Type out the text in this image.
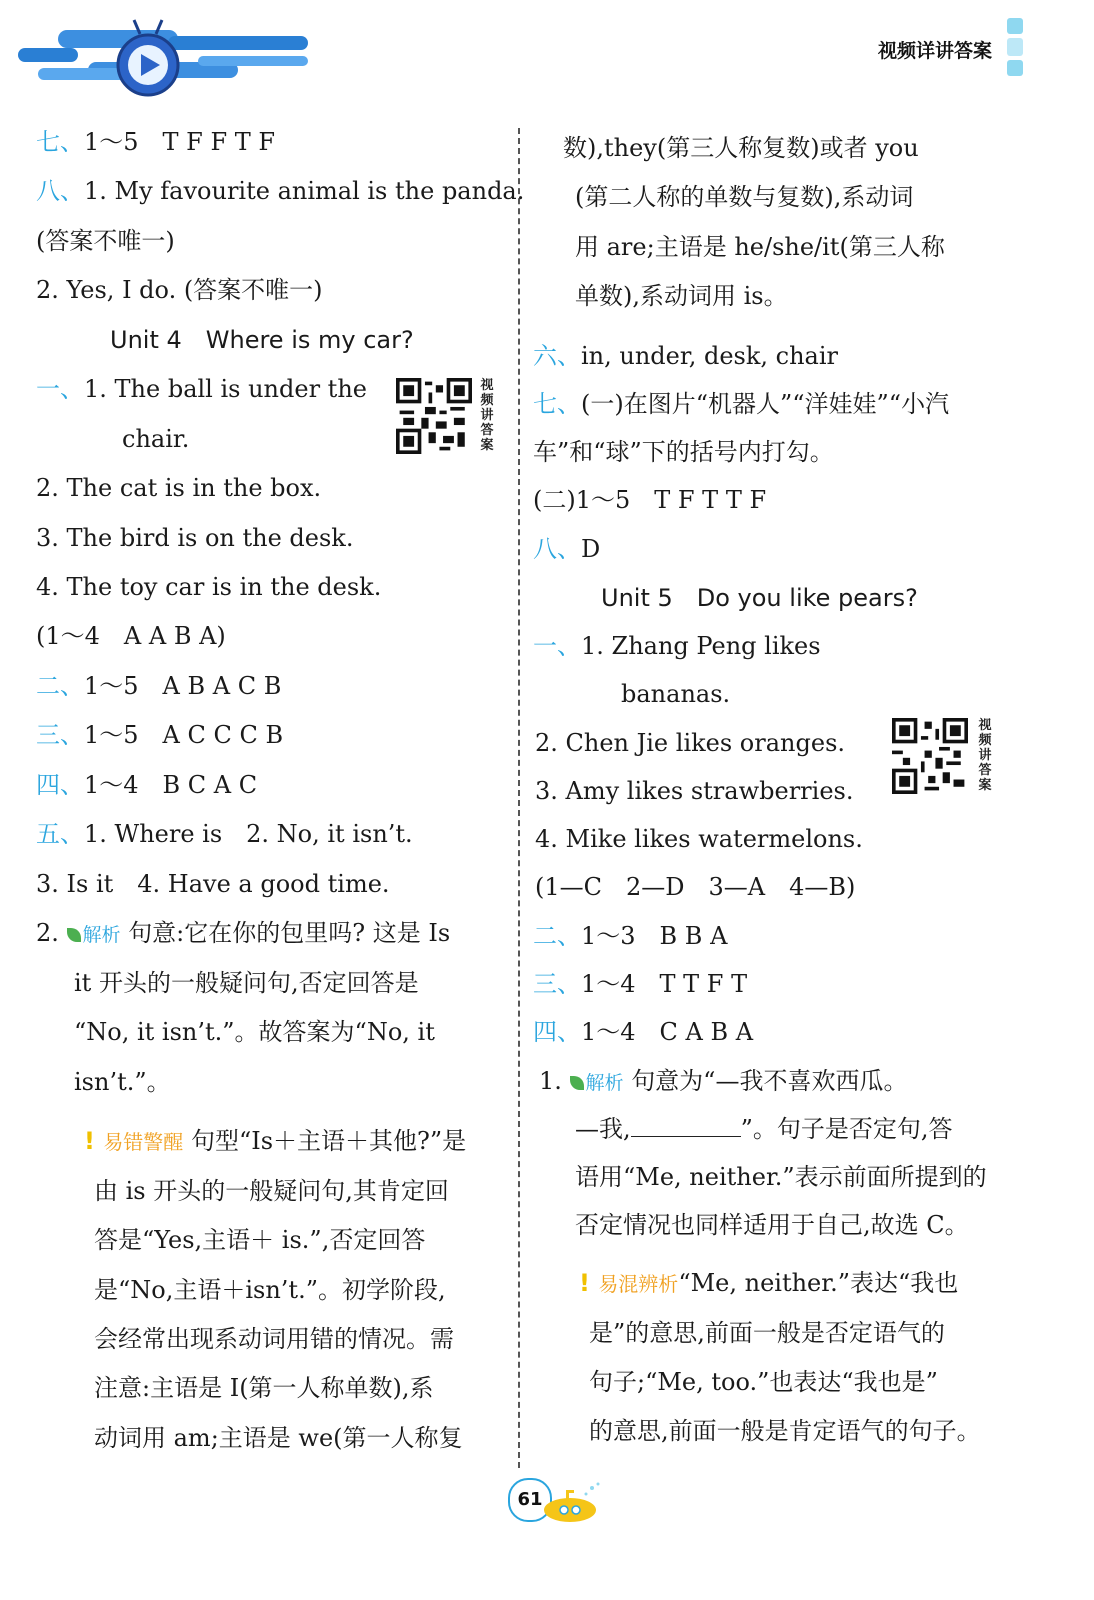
视频详讲答案
七、1～5　T F F T F
八、1. My favourite animal is the panda.
(答案不唯一)
2. Yes, I do. (答案不唯一)
Unit 4　Where is my car?
一、1. The ball is under the
chair.
2. The cat is in the box.
3. The bird is on the desk.
4. The toy car is in the desk.
(1～4　A A B A)
二、1～5　A B A C B
三、1～5　A C C C B
四、1～4　B C A C
五、1. Where is　2. No, it isn’t.
3. Is it　4. Have a good time.
2. 解析 句意:它在你的包里吗? 这是 Is
it 开头的一般疑问句,否定回答是
“No, it isn’t.”。故答案为“No, it
isn’t.”。
! 易错警醒 句型“Is＋主语＋其他?”是
由 is 开头的一般疑问句,其肯定回
答是“Yes,主语＋ is.”,否定回答
是“No,主语＋isn’t.”。初学阶段,
会经常出现系动词用错的情况。需
注意:主语是 I(第一人称单数),系
动词用 am;主语是 we(第一人称复
视频讲答案
视频讲答案
数),they(第三人称复数)或者 you
(第二人称的单数与复数),系动词
用 are;主语是 he/she/it(第三人称
单数),系动词用 is。
六、in, under, desk, chair
七、(一)在图片“机器人”“洋娃娃”“小汽
车”和“球”下的括号内打勾。
(二)1～5　T F T T F
八、D
Unit 5　Do you like pears?
一、1. Zhang Peng likes
bananas.
2. Chen Jie likes oranges.
3. Amy likes strawberries.
4. Mike likes watermelons.
(1—C　2—D　3—A　4—B)
二、1～3　B B A
三、1～4　T T F T
四、1～4　C A B A
1. 解析 句意为“—我不喜欢西瓜。
—我,	”。句子是否定句,答
语用“Me, neither.”表示前面所提到的
否定情况也同样适用于自己,故选 C。
! 易混辨析“Me, neither.”表达“我也
是”的意思,前面一般是否定语气的
句子;“Me, too.”也表达“我也是”
的意思,前面一般是肯定语气的句子。
61
